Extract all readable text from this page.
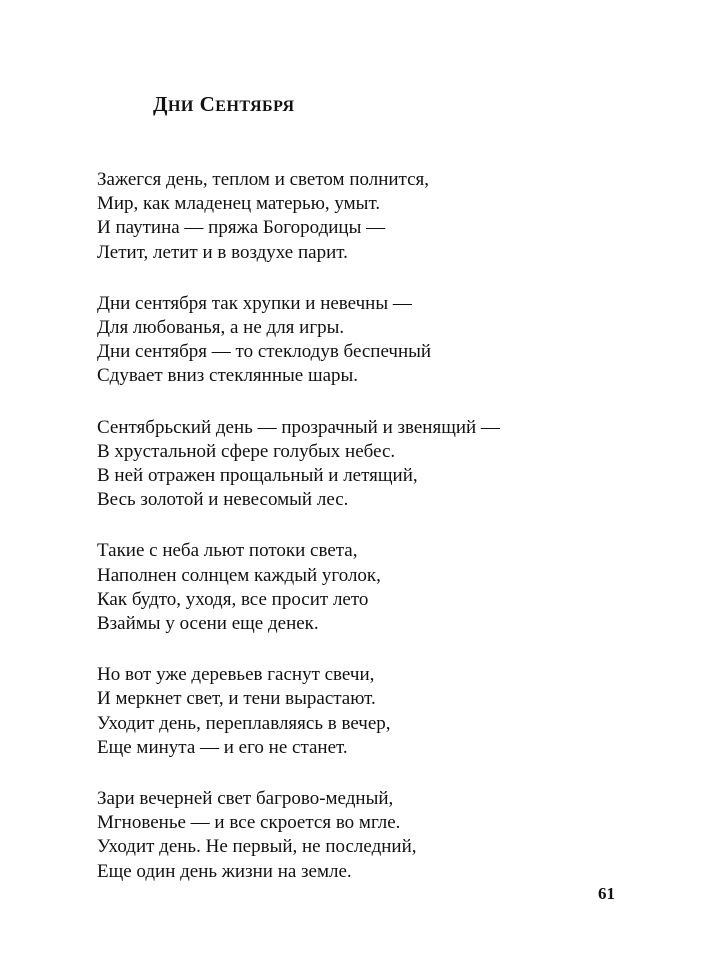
ДНИ СЕНТЯБРЯ
Зажегся день, теплом и светом полнится,
Мир, как младенец матерью, умыт.
И паутина — пряжа Богородицы —
Летит, летит и в воздухе парит.
Дни сентября так хрупки и невечны —
Для любованья, а не для игры.
Дни сентября — то стеклодув беспечный
Сдувает вниз стеклянные шары.
Сентябрьский день — прозрачный и звенящий —
В хрустальной сфере голубых небес.
В ней отражен прощальный и летящий,
Весь золотой и невесомый лес.
Такие с неба льют потоки света,
Наполнен солнцем каждый уголок,
Как будто, уходя, все просит лето
Взаймы у осени еще денек.
Но вот уже деревьев гаснут свечи,
И меркнет свет, и тени вырастают.
Уходит день, переплавляясь в вечер,
Еще минута — и его не станет.
Зари вечерней свет багрово-медный,
Мгновенье — и все скроется во мгле.
Уходит день. Не первый, не последний,
Еще один день жизни на земле.
61
